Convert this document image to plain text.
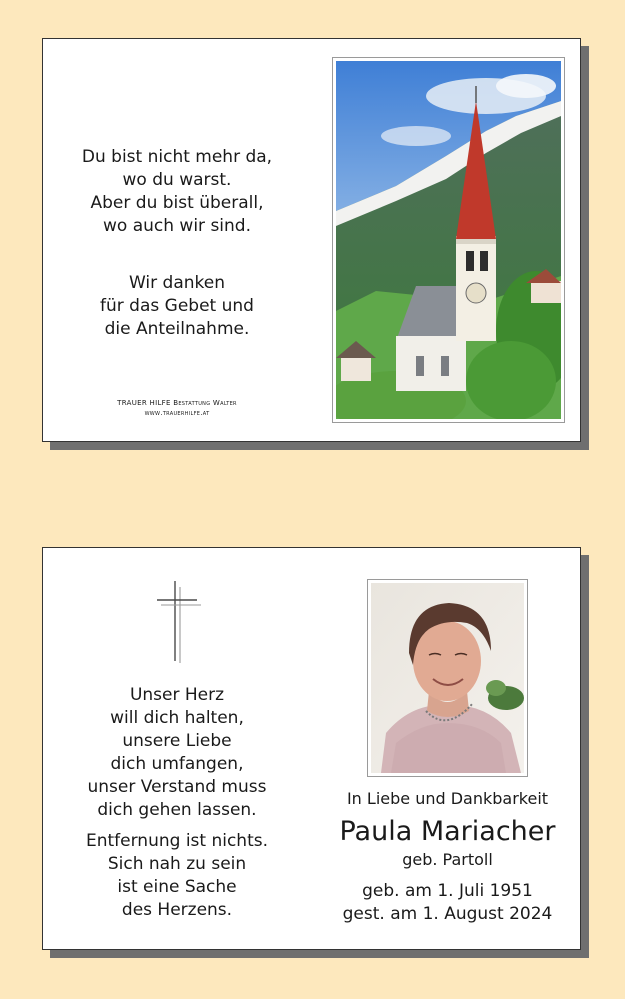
Du bist nicht mehr da,
wo du warst.
Aber du bist überall,
wo auch wir sind.
Wir danken
für das Gebet und
die Anteilnahme.
TRAUER HILFE Bestattung Walter
www.trauerhilfe.at
Unser Herz
will dich halten,
unsere Liebe
dich umfangen,
unser Verstand muss
dich gehen lassen.
Entfernung ist nichts.
Sich nah zu sein
ist eine Sache
des Herzens.
In Liebe und Dankbarkeit
Paula Mariacher
geb. Partoll
geb. am 1. Juli 1951
gest. am 1. August 2024
